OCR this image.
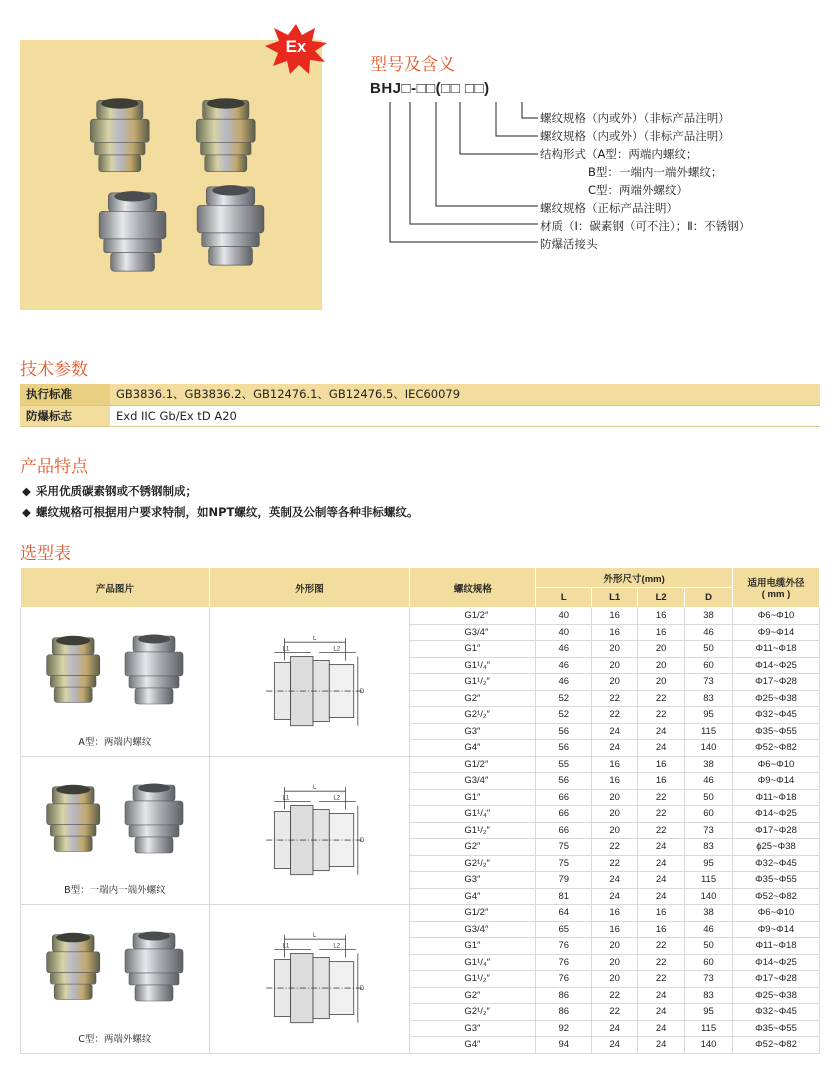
Ex
型号及含义
BHJ□-□□(□□ □□)
螺纹规格（内或外）（非标产品注明）
螺纹规格（内或外）（非标产品注明）
结构形式（A型：两端内螺纹；
B型：一端内一端外螺纹；
C型：两端外螺纹）
螺纹规格（正标产品注明）
材质（Ⅰ：碳素钢（可不注）；Ⅱ：不锈钢）
防爆活接头
技术参数
执行标准	GB3836.1、GB3836.2、GB12476.1、GB12476.5、IEC60079
防爆标志	Exd IIC Gb/Ex tD A20
产品特点
◆ 采用优质碳素钢或不锈钢制成；
◆ 螺纹规格可根据用户要求特制，如NPT螺纹，英制及公制等各种非标螺纹。
选型表
产品图片	外形图	螺纹规格	外形尺寸(mm)				适用电缆外径
( mm )
			L	L1	L2	D	

A型：两端内螺纹		G1/2″	40	16	16	38	Φ6~Φ10
		G3/4″	40	16	16	46	Φ9~Φ14
		G1″	46	20	20	50	Φ11~Φ18
		G1¹/₄″	46	20	20	60	Φ14~Φ25
		G1¹/₂″	46	20	20	73	Φ17~Φ28
		G2″	52	22	22	83	Φ25~Φ38
		G2¹/₂″	52	22	22	95	Φ32~Φ45
		G3″	56	24	24	115	Φ35~Φ55
		G4″	56	24	24	140	Φ52~Φ82

B型：一端内一端外螺纹		G1/2″	55	16	16	38	Φ6~Φ10
		G3/4″	56	16	16	46	Φ9~Φ14
		G1″	66	20	22	50	Φ11~Φ18
		G1¹/₄″	66	20	22	60	Φ14~Φ25
		G1¹/₂″	66	20	22	73	Φ17~Φ28
		G2″	75	22	24	83	ϕ25~Φ38
		G2¹/₂″	75	22	24	95	Φ32~Φ45
		G3″	79	24	24	115	Φ35~Φ55
		G4″	81	24	24	140	Φ52~Φ82

C型：两端外螺纹		G1/2″	64	16	16	38	Φ6~Φ10
		G3/4″	65	16	16	46	Φ9~Φ14
		G1″	76	20	22	50	Φ11~Φ18
		G1¹/₄″	76	20	22	60	Φ14~Φ25
		G1¹/₂″	76	20	22	73	Φ17~Φ28
		G2″	86	22	24	83	Φ25~Φ38
		G2¹/₂″	86	22	24	95	Φ32~Φ45
		G3″	92	24	24	115	Φ35~Φ55
		G4″	94	24	24	140	Φ52~Φ82
